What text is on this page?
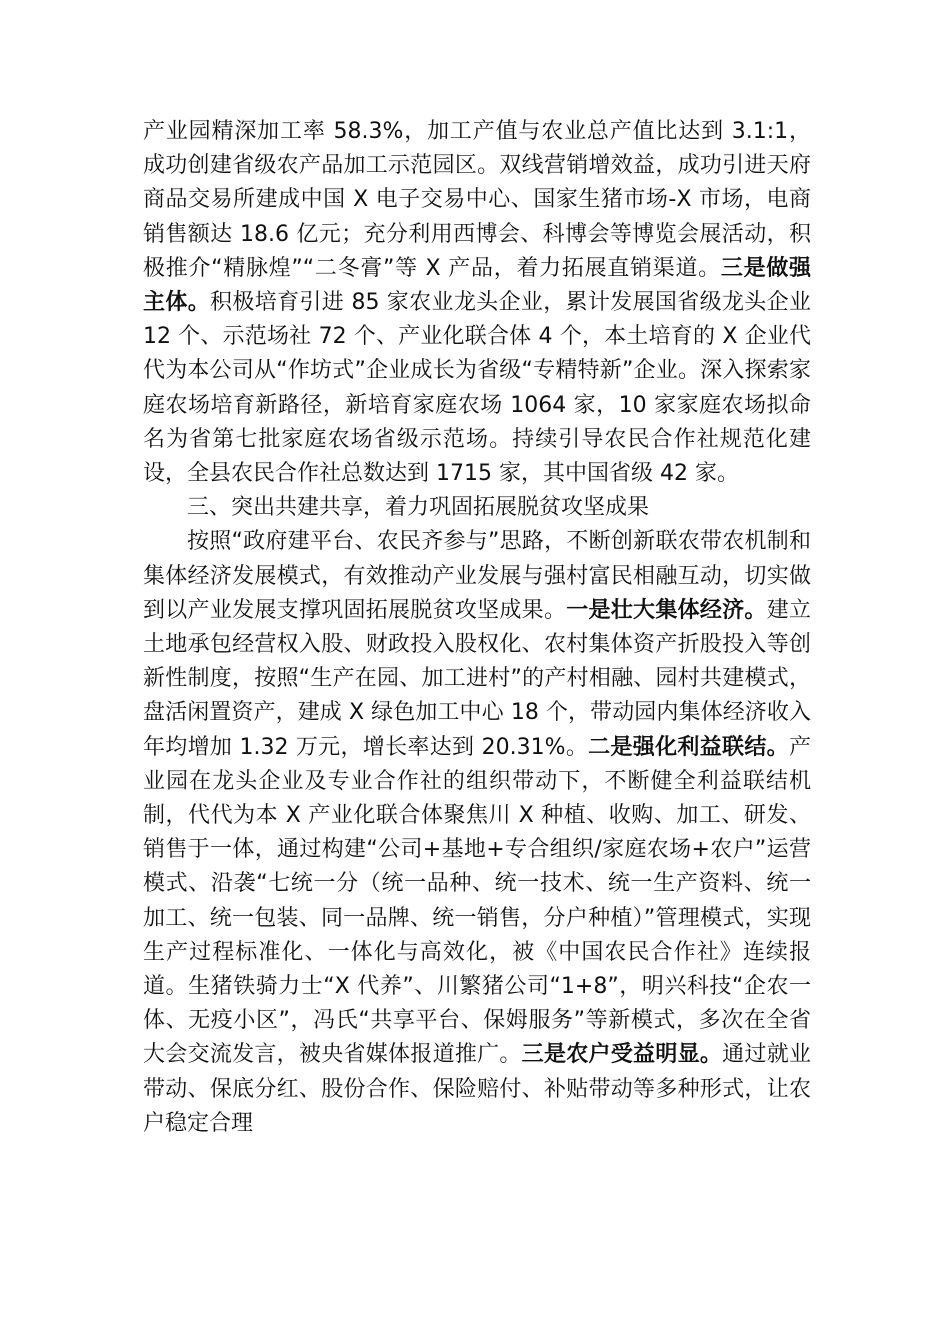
产业园精深加工率 58.3%，加工产值与农业总产值比达到 3.1:1，成功创建省级农产品加工示范园区。双线营销增效益，成功引进天府商品交易所建成中国 X 电子交易中心、国家生猪市场-X 市场，电商销售额达 18.6 亿元；充分利用西博会、科博会等博览会展活动，积极推介“精脉煌”“二冬膏”等 X 产品，着力拓展直销渠道。三是做强主体。积极培育引进 85 家农业龙头企业，累计发展国省级龙头企业 12 个、示范场社 72 个、产业化联合体 4 个，本土培育的 X 企业代代为本公司从“作坊式”企业成长为省级“专精特新”企业。深入探索家庭农场培育新路径，新培育家庭农场 1064 家，10 家家庭农场拟命名为省第七批家庭农场省级示范场。持续引导农民合作社规范化建设，全县农民合作社总数达到 1715 家，其中国省级 42 家。

三、突出共建共享，着力巩固拓展脱贫攻坚成果

按照“政府建平台、农民齐参与”思路，不断创新联农带农机制和集体经济发展模式，有效推动产业发展与强村富民相融互动，切实做到以产业发展支撑巩固拓展脱贫攻坚成果。一是壮大集体经济。建立土地承包经营权入股、财政投入股权化、农村集体资产折股投入等创新性制度，按照“生产在园、加工进村”的产村相融、园村共建模式，盘活闲置资产，建成 X 绿色加工中心 18 个，带动园内集体经济收入年均增加 1.32 万元，增长率达到 20.31%。二是强化利益联结。产业园在龙头企业及专业合作社的组织带动下，不断健全利益联结机制，代代为本 X 产业化联合体聚焦川 X 种植、收购、加工、研发、销售于一体，通过构建“公司+基地+专合组织/家庭农场+农户”运营模式、沿袭“七统一分（统一品种、统一技术、统一生产资料、统一加工、统一包装、同一品牌、统一销售，分户种植）”管理模式，实现生产过程标准化、一体化与高效化，被《中国农民合作社》连续报道。生猪铁骑力士“X 代养”、川繁猪公司“1+8”，明兴科技“企农一体、无疫小区”，冯氏“共享平台、保姆服务”等新模式，多次在全省大会交流发言，被央省媒体报道推广。三是农户受益明显。通过就业带动、保底分红、股份合作、保险赔付、补贴带动等多种形式，让农户稳定合理
